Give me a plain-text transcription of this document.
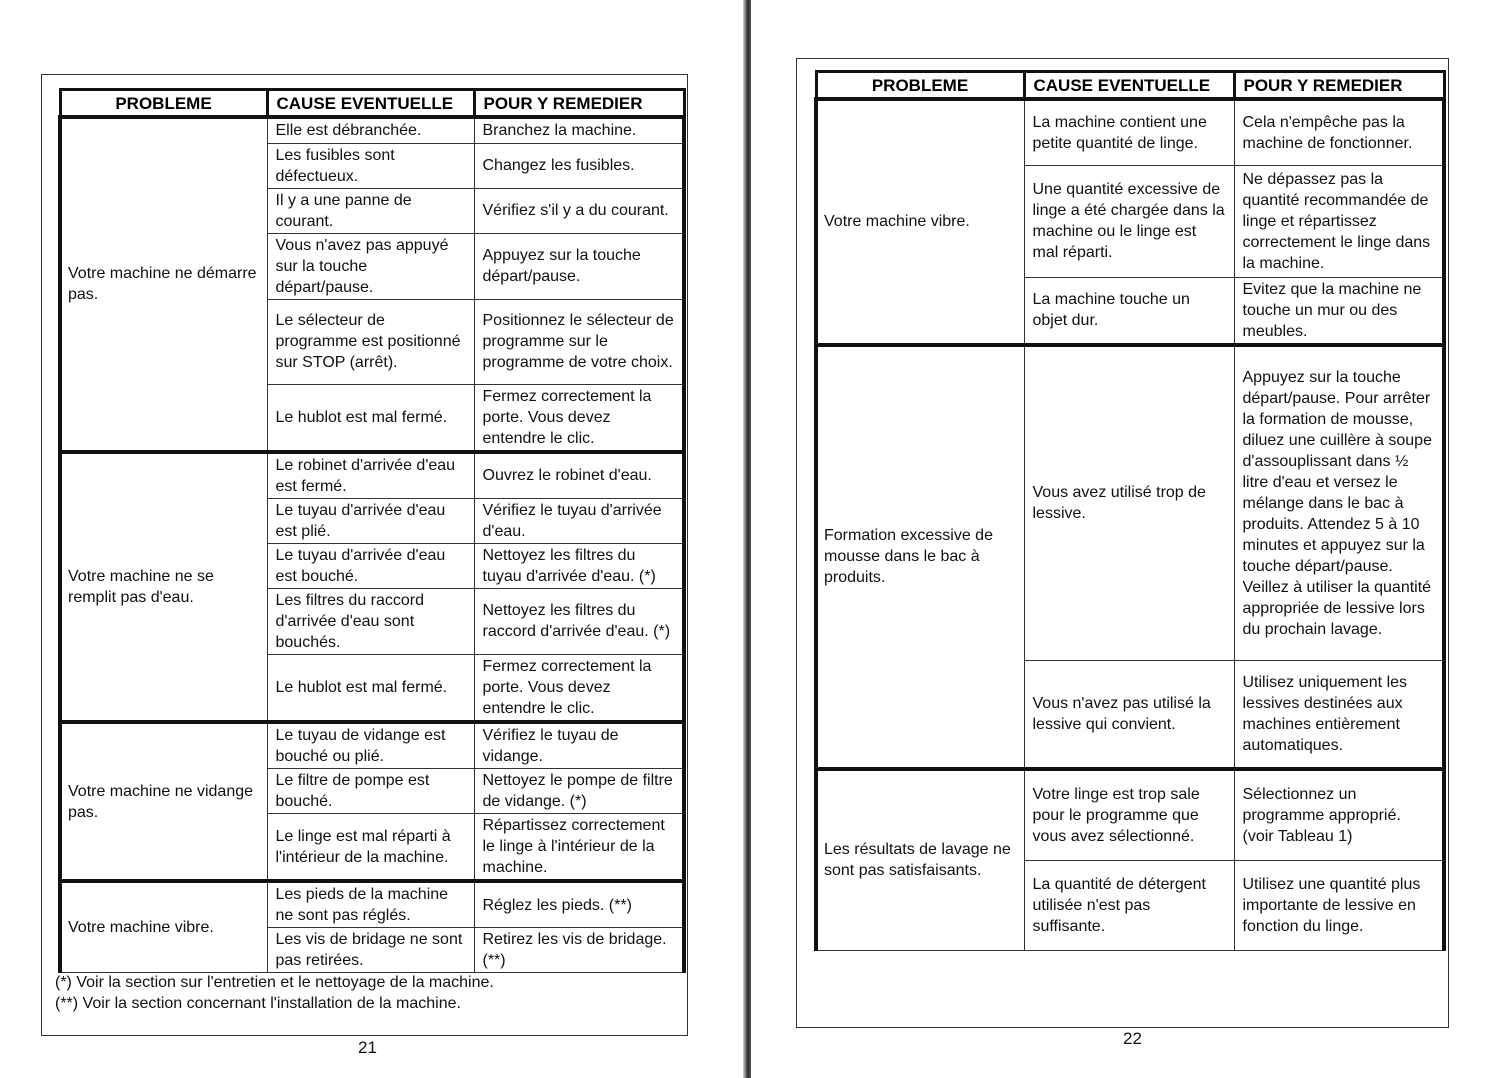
PROBLEME	CAUSE EVENTUELLE	POUR Y REMEDIER
Votre machine ne démarre pas.	Elle est débranchée.	Branchez la machine.
	Les fusibles sont défectueux.	Changez les fusibles.
	Il y a une panne de courant.	Vérifiez s'il y a du courant.
	Vous n'avez pas appuyé sur la touche départ/pause.	Appuyez sur la touche départ/pause.
	Le sélecteur de programme est positionné sur STOP (arrêt).	Positionnez le sélecteur de programme sur le programme de votre choix.
	Le hublot est mal fermé.	Fermez correctement la porte. Vous devez entendre le clic.
Votre machine ne se remplit pas d'eau.	Le robinet d'arrivée d'eau est fermé.	Ouvrez le robinet d'eau.
	Le tuyau d'arrivée d'eau est plié.	Vérifiez le tuyau d'arrivée d'eau.
	Le tuyau d'arrivée d'eau est bouché.	Nettoyez les filtres du tuyau d'arrivée d'eau. (*)
	Les filtres du raccord d'arrivée d'eau sont bouchés.	Nettoyez les filtres du raccord d'arrivée d'eau. (*)
	Le hublot est mal fermé.	Fermez correctement la porte. Vous devez entendre le clic.
Votre machine ne vidange pas.	Le tuyau de vidange est bouché ou plié.	Vérifiez le tuyau de vidange.
	Le filtre de pompe est bouché.	Nettoyez le pompe de filtre de vidange. (*)
	Le linge est mal réparti à l'intérieur de la machine.	Répartissez correctement le linge à l'intérieur de la machine.
Votre machine vibre.	Les pieds de la machine ne sont pas réglés.	Réglez les pieds. (**)
	Les vis de bridage ne sont pas retirées.	Retirez les vis de bridage. (**)
(*) Voir la section sur l'entretien et le nettoyage de la machine.
(**) Voir la section concernant l'installation de la machine.
21
PROBLEME	CAUSE EVENTUELLE	POUR Y REMEDIER
Votre machine vibre.	La machine contient une petite quantité de linge.	Cela n'empêche pas la machine de fonctionner.
	Une quantité excessive de linge a été chargée dans la machine ou le linge est mal réparti.	Ne dépassez pas la quantité recommandée de linge et répartissez correctement le linge dans la machine.
	La machine touche un objet dur.	Evitez que la machine ne touche un mur ou des meubles.
Formation excessive de mousse dans le bac à produits.	Vous avez utilisé trop de lessive.	Appuyez sur la touche départ/pause. Pour arrêter la formation de mousse, diluez une cuillère à soupe d'assouplissant dans ½ litre d'eau et versez le mélange dans le bac à produits. Attendez 5 à 10 minutes et appuyez sur la touche départ/pause. Veillez à utiliser la quantité appropriée de lessive lors du prochain lavage.
	Vous n'avez pas utilisé la lessive qui convient.	Utilisez uniquement les lessives destinées aux machines entièrement automatiques.
Les résultats de lavage ne sont pas satisfaisants.	Votre linge est trop sale pour le programme que vous avez sélectionné.	Sélectionnez un programme approprié. (voir Tableau 1)
	La quantité de détergent utilisée n'est pas suffisante.	Utilisez une quantité plus importante de lessive en fonction du linge.
22
